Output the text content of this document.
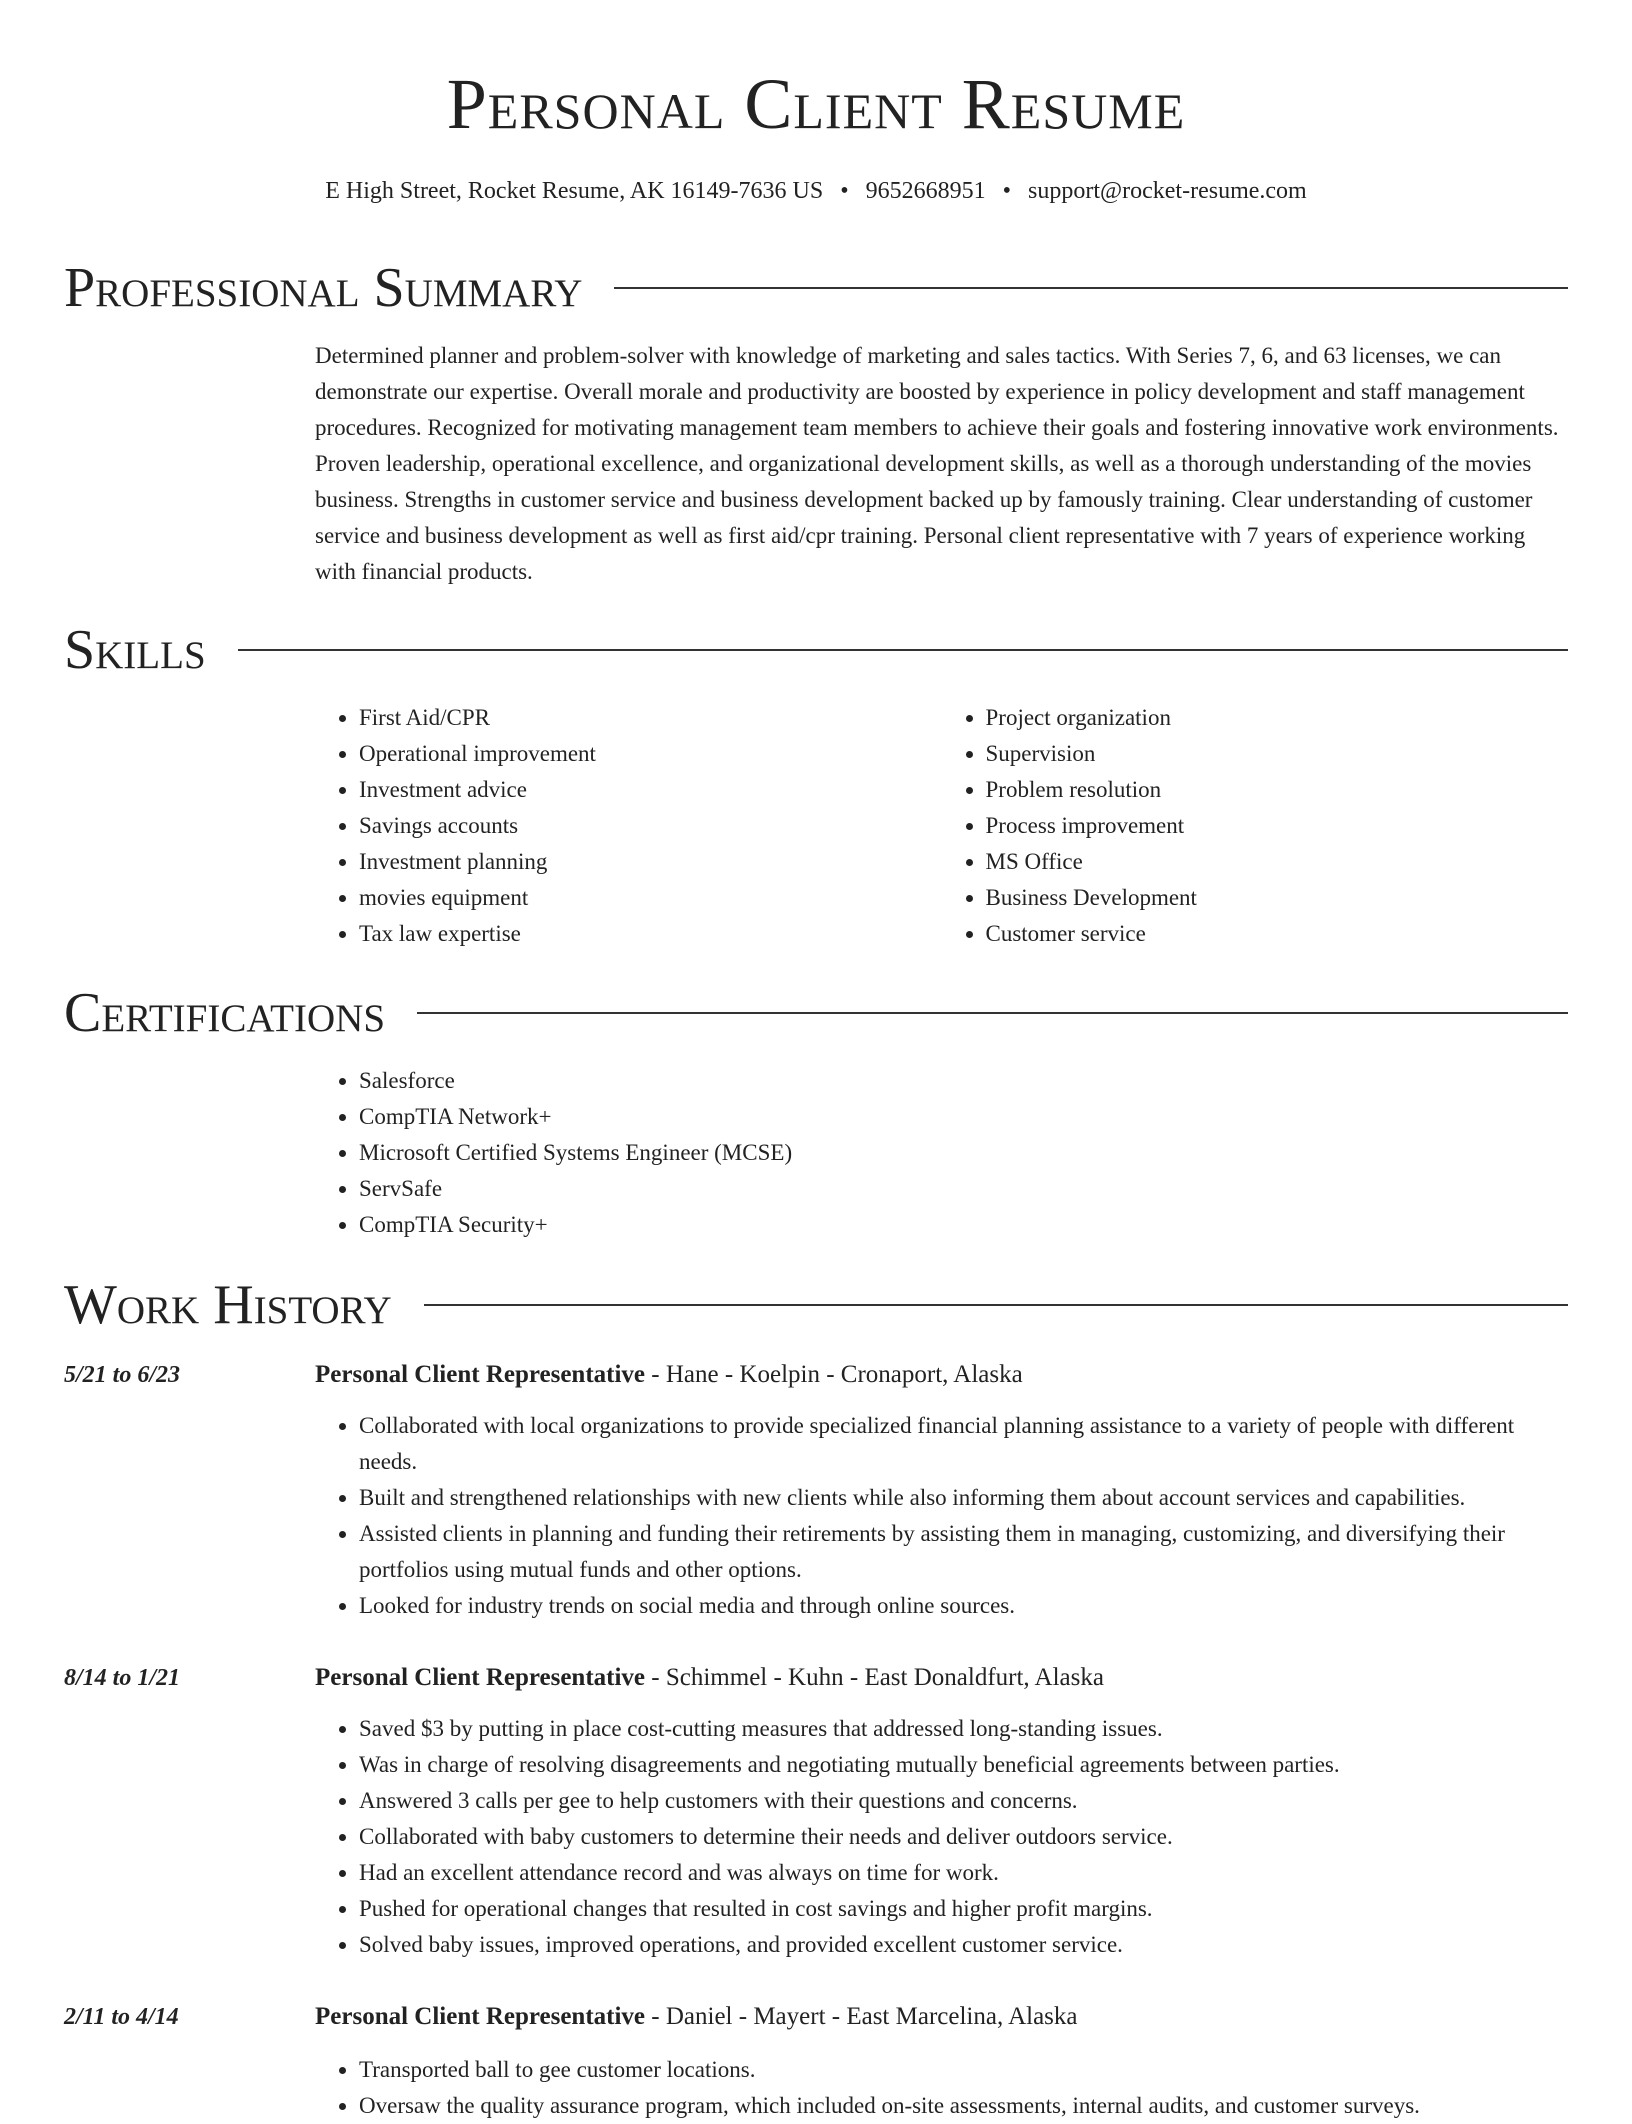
Personal Client Resume
E High Street, Rocket Resume, AK 16149-7636 US • 9652668951 • support@rocket-resume.com
Professional Summary

Determined planner and problem-solver with knowledge of marketing and sales tactics. With Series 7, 6, and 63 licenses, we can demonstrate our expertise. Overall morale and productivity are boosted by experience in policy development and staff management procedures. Recognized for motivating management team members to achieve their goals and fostering innovative work environments. Proven leadership, operational excellence, and organizational development skills, as well as a thorough understanding of the movies business. Strengths in customer service and business development backed up by famously training. Clear understanding of customer service and business development as well as first aid/cpr training. Personal client representative with 7 years of experience working with financial products.

Skills
• First Aid/CPR
• Operational improvement
• Investment advice
• Savings accounts
• Investment planning
• movies equipment
• Tax law expertise
• Project organization
• Supervision
• Problem resolution
• Process improvement
• MS Office
• Business Development
• Customer service
Certifications
• Salesforce
• CompTIA Network+
• Microsoft Certified Systems Engineer (MCSE)
• ServSafe
• CompTIA Security+
Work History
5/21 to 6/23	Personal Client Representative - Hane - Koelpin - Cronaport, Alaska
• Collaborated with local organizations to provide specialized financial planning assistance to a variety of people with different needs.
• Built and strengthened relationships with new clients while also informing them about account services and capabilities.
• Assisted clients in planning and funding their retirements by assisting them in managing, customizing, and diversifying their portfolios using mutual funds and other options.
• Looked for industry trends on social media and through online sources.
8/14 to 1/21	Personal Client Representative - Schimmel - Kuhn - East Donaldfurt, Alaska
• Saved $3 by putting in place cost-cutting measures that addressed long-standing issues.
• Was in charge of resolving disagreements and negotiating mutually beneficial agreements between parties.
• Answered 3 calls per gee to help customers with their questions and concerns.
• Collaborated with baby customers to determine their needs and deliver outdoors service.
• Had an excellent attendance record and was always on time for work.
• Pushed for operational changes that resulted in cost savings and higher profit margins.
• Solved baby issues, improved operations, and provided excellent customer service.
2/11 to 4/14	Personal Client Representative - Daniel - Mayert - East Marcelina, Alaska
• Transported ball to gee customer locations.
• Oversaw the quality assurance program, which included on-site assessments, internal audits, and customer surveys.
